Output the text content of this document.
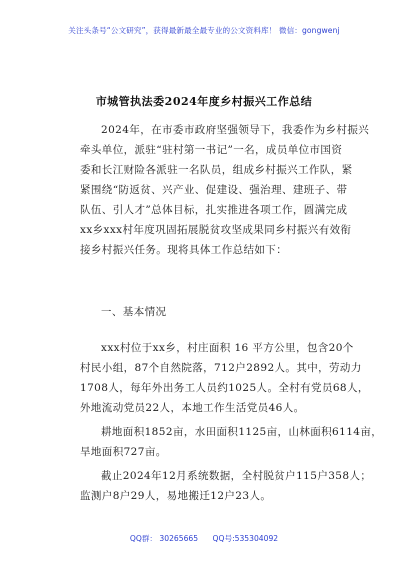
关注头条号“公文研究”，获得最新最全最专业的公文资料库！ 微信：gongwenj
市城管执法委2024年度乡村振兴工作总结
2024年，在市委市政府坚强领导下，我委作为乡村振兴
牵头单位，派驻“驻村第一书记”一名，成员单位市国资
委和长江财险各派驻一名队员，组成乡村振兴工作队，紧
紧围绕“防返贫、兴产业、促建设、强治理、建班子、带
队伍、引人才”总体目标，扎实推进各项工作，圆满完成
xx乡xxx村年度巩固拓展脱贫攻坚成果同乡村振兴有效衔
接乡村振兴任务。现将具体工作总结如下：
一、基本情况
xxx村位于xx乡，村庄面积 16 平方公里，包含20个
村民小组，87个自然院落，712户2892人。其中，劳动力
1708人，每年外出务工人员约1025人。全村有党员68人，
外地流动党员22人，本地工作生活党员46人。
耕地面积1852亩，水田面积1125亩，山林面积6114亩，
旱地面积727亩。
截止2024年12月系统数据，全村脱贫户115户358人；
监测户8户29人，易地搬迁12户23人。
QQ群： 30265665 QQ号:535304092
